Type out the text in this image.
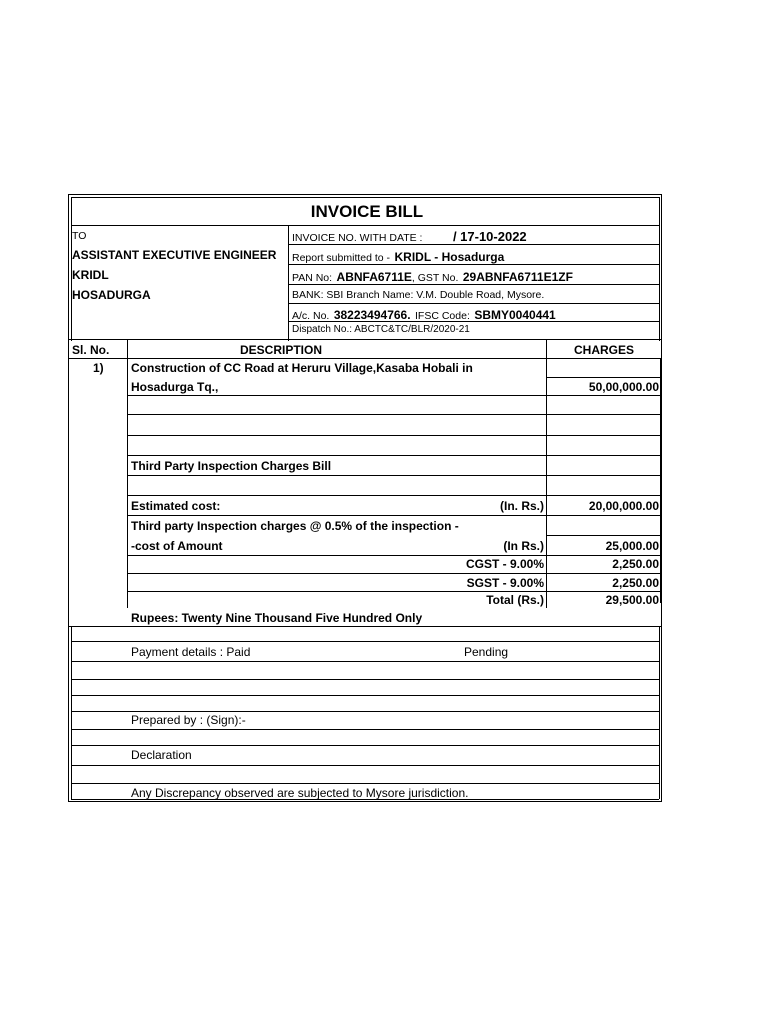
INVOICE BILL
TO
ASSISTANT EXECUTIVE ENGINEER
KRIDL
HOSADURGA
INVOICE NO. WITH DATE : / 17-10-2022
Report submitted to - KRIDL - Hosadurga
PAN No: ABNFA6711E, GST No. 29ABNFA6711E1ZF
BANK: SBI Branch Name: V.M. Double Road, Mysore.
A/c. No. 38223494766. IFSC Code: SBMY0040441
Dispatch No.: ABCTC&TC/BLR/2020-21
Sl. No.	DESCRIPTION	CHARGES
1) Construction of CC Road at Heruru Village,Kasaba Hobali in
Hosadurga Tq.,	50,00,000.00
Third Party Inspection Charges Bill
Estimated cost:	(In. Rs.)	20,00,000.00
Third party Inspection charges @ 0.5% of the inspection -
-cost of Amount	(In Rs.)	25,000.00
CGST - 9.00%	2,250.00
SGST - 9.00%	2,250.00
Total (Rs.)	29,500.00
Rupees: Twenty Nine Thousand Five Hundred Only
Payment details : Paid	Pending
Prepared by : (Sign):-
Declaration
Any Discrepancy observed are subjected to Mysore jurisdiction.
